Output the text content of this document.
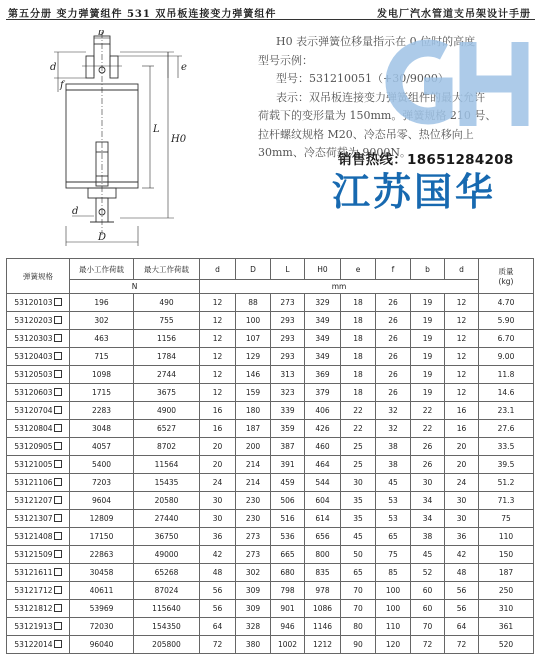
第五分册 变力弹簧组件 531 双吊板连接变力弹簧组件	发电厂汽水管道支吊架设计手册
b
d
f
e
L
H0
d
D

H0 表示弹簧位移量指示在 0 位时的高度

型号示例：

型号：531210051（+30/9000）

表示：双吊板连接变力弹簧组件的最大允许

荷载下的变形量为 150mm。弹簧规格 210 号、

拉杆螺纹规格 M20、冷态吊零、热位移向上

30mm、冷态荷载为 9000N。

销售热线：18651284208
江苏国华
弹簧规格	最小工作荷载	最大工作荷载	d	D	L	H0	e	f	b	d	质量
(kg)
	N		mm								
53120103	196	490	12	88	273	329	18	26	19	12	4.70
53120203	302	755	12	100	293	349	18	26	19	12	5.90
53120303	463	1156	12	107	293	349	18	26	19	12	6.70
53120403	715	1784	12	129	293	349	18	26	19	12	9.00
53120503	1098	2744	12	146	313	369	18	26	19	12	11.8
53120603	1715	3675	12	159	323	379	18	26	19	12	14.6
53120704	2283	4900	16	180	339	406	22	32	22	16	23.1
53120804	3048	6527	16	187	359	426	22	32	22	16	27.6
53120905	4057	8702	20	200	387	460	25	38	26	20	33.5
53121005	5400	11564	20	214	391	464	25	38	26	20	39.5
53121106	7203	15435	24	214	459	544	30	45	30	24	51.2
53121207	9604	20580	30	230	506	604	35	53	34	30	71.3
53121307	12809	27440	30	230	516	614	35	53	34	30	75
53121408	17150	36750	36	273	536	656	45	65	38	36	110
53121509	22863	49000	42	273	665	800	50	75	45	42	150
53121611	30458	65268	48	302	680	835	65	85	52	48	187
53121712	40611	87024	56	309	798	978	70	100	60	56	250
53121812	53969	115640	56	309	901	1086	70	100	60	56	310
53121913	72030	154350	64	328	946	1146	80	110	70	64	361
53122014	96040	205800	72	380	1002	1212	90	120	72	72	520
